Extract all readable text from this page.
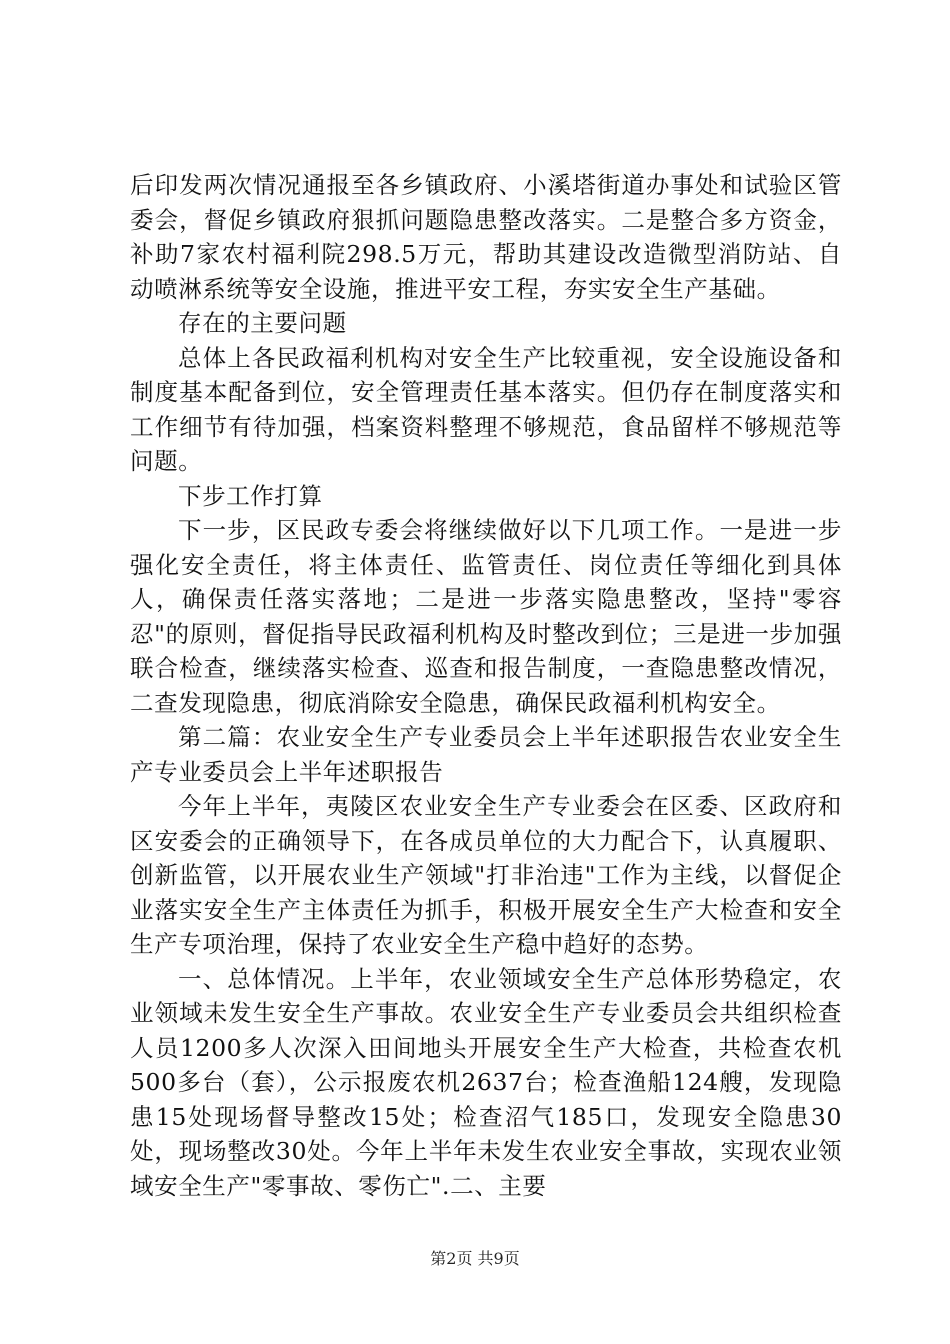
后印发两次情况通报至各乡镇政府、小溪塔街道办事处和试验区管委会，督促乡镇政府狠抓问题隐患整改落实。二是整合多方资金，补助7家农村福利院298.5万元，帮助其建设改造微型消防站、自动喷淋系统等安全设施，推进平安工程，夯实安全生产基础。

存在的主要问题

总体上各民政福利机构对安全生产比较重视，安全设施设备和制度基本配备到位，安全管理责任基本落实。但仍存在制度落实和工作细节有待加强，档案资料整理不够规范，食品留样不够规范等问题。

下步工作打算

下一步，区民政专委会将继续做好以下几项工作。一是进一步强化安全责任，将主体责任、监管责任、岗位责任等细化到具体人，确保责任落实落地；二是进一步落实隐患整改，坚持"零容忍"的原则，督促指导民政福利机构及时整改到位；三是进一步加强联合检查，继续落实检查、巡查和报告制度，一查隐患整改情况，二查发现隐患，彻底消除安全隐患，确保民政福利机构安全。

第二篇：农业安全生产专业委员会上半年述职报告农业安全生产专业委员会上半年述职报告

今年上半年，夷陵区农业安全生产专业委会在区委、区政府和区安委会的正确领导下，在各成员单位的大力配合下，认真履职、创新监管，以开展农业生产领域"打非治违"工作为主线，以督促企业落实安全生产主体责任为抓手，积极开展安全生产大检查和安全生产专项治理，保持了农业安全生产稳中趋好的态势。

一、总体情况。上半年，农业领域安全生产总体形势稳定，农业领域未发生安全生产事故。农业安全生产专业委员会共组织检查人员1200多人次深入田间地头开展安全生产大检查，共检查农机500多台（套），公示报废农机2637台；检查渔船124艘，发现隐患15处现场督导整改15处；检查沼气185口，发现安全隐患30处，现场整改30处。今年上半年未发生农业安全事故，实现农业领域安全生产"零事故、零伤亡".二、主要

第2页 共9页
